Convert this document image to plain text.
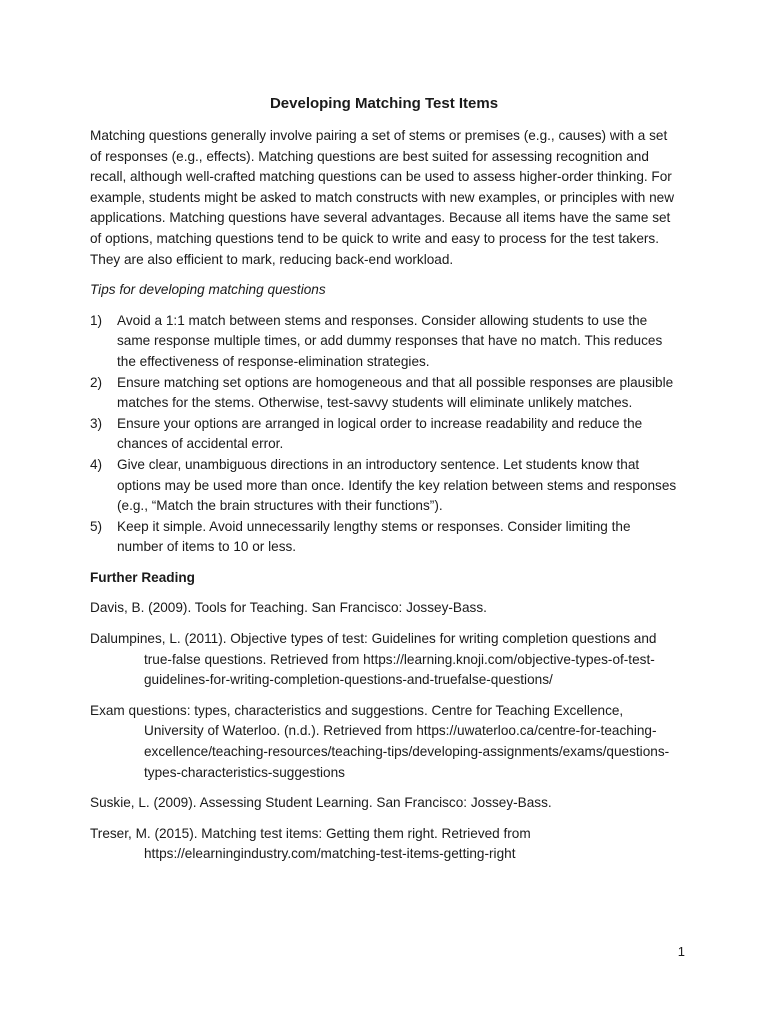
Developing Matching Test Items

Matching questions generally involve pairing a set of stems or premises (e.g., causes) with a set of responses (e.g., effects). Matching questions are best suited for assessing recognition and recall, although well-crafted matching questions can be used to assess higher-order thinking. For example, students might be asked to match constructs with new examples, or principles with new applications. Matching questions have several advantages. Because all items have the same set of options, matching questions tend to be quick to write and easy to process for the test takers. They are also efficient to mark, reducing back-end workload.

Tips for developing matching questions

1) Avoid a 1:1 match between stems and responses. Consider allowing students to use the same response multiple times, or add dummy responses that have no match. This reduces the effectiveness of response-elimination strategies.
2) Ensure matching set options are homogeneous and that all possible responses are plausible matches for the stems. Otherwise, test-savvy students will eliminate unlikely matches.
3) Ensure your options are arranged in logical order to increase readability and reduce the chances of accidental error.
4) Give clear, unambiguous directions in an introductory sentence. Let students know that options may be used more than once. Identify the key relation between stems and responses (e.g., “Match the brain structures with their functions”).
5) Keep it simple. Avoid unnecessarily lengthy stems or responses. Consider limiting the number of items to 10 or less.

Further Reading

Davis, B. (2009). Tools for Teaching. San Francisco: Jossey-Bass.

Dalumpines, L. (2011). Objective types of test: Guidelines for writing completion questions and true-false questions. Retrieved from https://learning.knoji.com/objective-types-of-test-guidelines-for-writing-completion-questions-and-truefalse-questions/

Exam questions: types, characteristics and suggestions. Centre for Teaching Excellence, University of Waterloo. (n.d.). Retrieved from https://uwaterloo.ca/centre-for-teaching-excellence/teaching-resources/teaching-tips/developing-assignments/exams/questions-types-characteristics-suggestions

Suskie, L. (2009). Assessing Student Learning. San Francisco: Jossey-Bass.

Treser, M. (2015). Matching test items: Getting them right. Retrieved from https://elearningindustry.com/matching-test-items-getting-right

1
